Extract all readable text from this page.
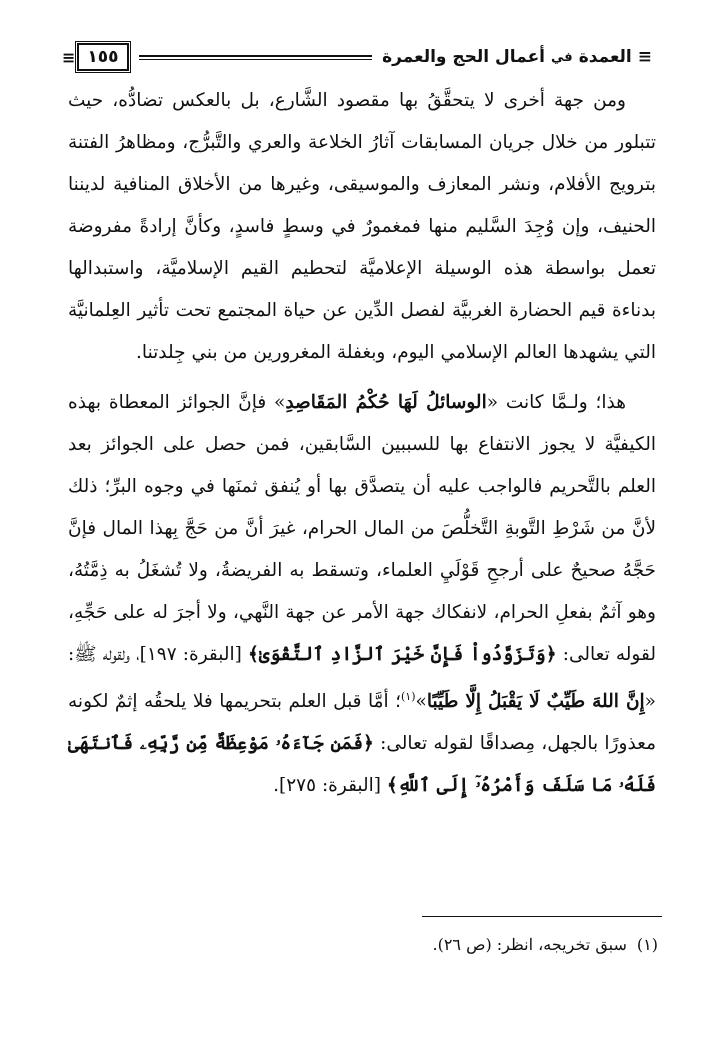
≡
العمدة
في
أعمال الحج والعمرة
١٥٥
≡

ومن جهة أخرى لا يتحقَّقُ بها مقصود الشَّارع، بل بالعكس تضادُّه، حيث تتبلور من خلال جريان المسابقات آثارُ الخلاعة والعري والتَّبرُّج، ومظاهرُ الفتنة بترويج الأفلام، ونشر المعازف والموسيقى، وغيرها من الأخلاق المنافية لديننا الحنيف، وإن وُجِدَ السَّليم منها فمغمورٌ في وسطٍ فاسدٍ، وكأنَّ إرادةً مفروضة تعمل بواسطة هذه الوسيلة الإعلاميَّة لتحطيم القيم الإسلاميَّة، واستبدالها بدناءة قيم الحضارة الغربيَّة لفصل الدِّين عن حياة المجتمع تحت تأثير العِلمانيَّة التي يشهدها العالم الإسلامي اليوم، وبغفلة المغرورين من بني جِلدتنا.

هذا؛ ولـمَّا كانت «الوسائلُ لَهَا حُكْمُ المَقَاصِدِ» فإنَّ الجوائز المعطاة بهذه الكيفيَّة لا يجوز الانتفاع بها للسببين السَّابقين، فمن حصل على الجوائز بعد العلم بالتَّحريم فالواجب عليه أن يتصدَّق بها أو يُنفق ثمنَها في وجوه البرِّ؛ ذلك لأنَّ من شَرْطِ التَّوبةِ التَّخلُّصَ من المال الحرام، غيرَ أنَّ من حَجَّ بِهذا المال فإنَّ حَجَّهُ صحيحٌ على أرجحِ قَوْلَيِ العلماء، وتسقط به الفريضةُ، ولا تُشغَلُ به ذِمَّتُهُ، وهو آثمٌ بفعلِ الحرام، لانفكاك جهة الأمر عن جهة النَّهي، ولا أجرَ له على حَجِّهِ، لقوله تعالى: ﴿وَتَزَوَّدُواْ فَإِنَّ خَيْرَ ٱلزَّادِ ٱلتَّقْوَىٰ﴾ [البقرة: ١٩٧]، ولقوله ﷺ: «إِنَّ اللهَ طَيِّبٌ لَا يَقْبَلُ إِلَّا طَيِّبًا»$^{(١)}$؛ أمَّا قبل العلم بتحريمها فلا يلحقُه إثمٌ لكونه معذورًا بالجهل، مِصداقًا لقوله تعالى: ﴿فَمَن جَآءَهُۥ مَوْعِظَةٌ مِّن رَّبِّهِۦ فَٱنتَهَىٰ فَلَهُۥ مَا سَلَفَ وَأَمْرُهُۥٓ إِلَى ٱللَّهِ﴾ [البقرة: ٢٧٥].

(١)سبق تخريجه، انظر: (ص ٢٦).
